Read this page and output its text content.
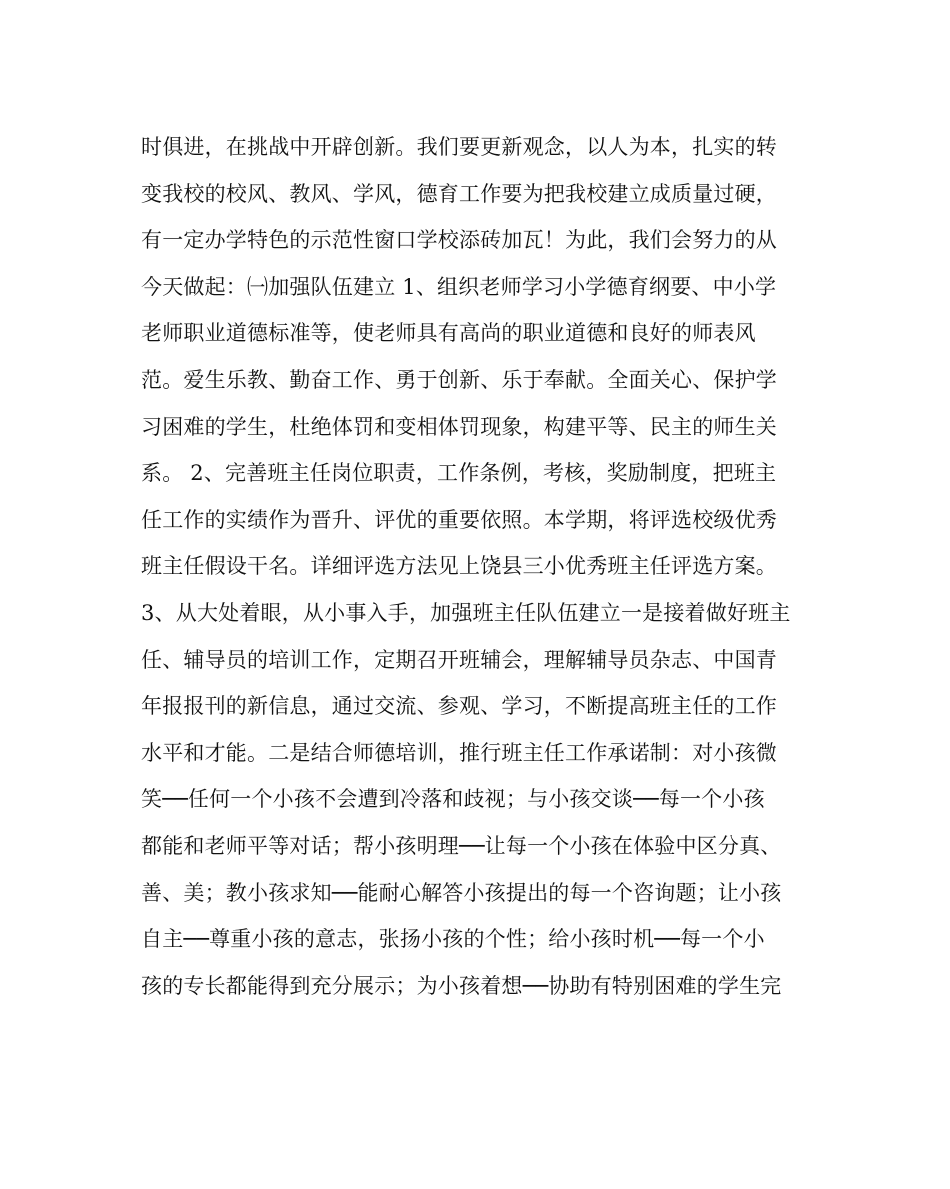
时俱进，在挑战中开辟创新。我们要更新观念，以人为本，扎实的转
变我校的校风、教风、学风，德育工作要为把我校建立成质量过硬，
有一定办学特色的示范性窗口学校添砖加瓦！为此，我们会努力的从
今天做起：㈠加强队伍建立 1、组织老师学习小学德育纲要、中小学
老师职业道德标准等，使老师具有高尚的职业道德和良好的师表风
范。爱生乐教、勤奋工作、勇于创新、乐于奉献。全面关心、保护学
习困难的学生，杜绝体罚和变相体罚现象，构建平等、民主的师生关
系。 2、完善班主任岗位职责，工作条例，考核，奖励制度，把班主
任工作的实绩作为晋升、评优的重要依照。本学期，将评选校级优秀
班主任假设干名。详细评选方法见上饶县三小优秀班主任评选方案。
3、从大处着眼，从小事入手，加强班主任队伍建立一是接着做好班主
任、辅导员的培训工作，定期召开班辅会，理解辅导员杂志、中国青
年报报刊的新信息，通过交流、参观、学习，不断提高班主任的工作
水平和才能。二是结合师德培训，推行班主任工作承诺制：对小孩微
笑──任何一个小孩不会遭到冷落和歧视；与小孩交谈──每一个小孩
都能和老师平等对话；帮小孩明理──让每一个小孩在体验中区分真、
善、美；教小孩求知──能耐心解答小孩提出的每一个咨询题；让小孩
自主──尊重小孩的意志，张扬小孩的个性；给小孩时机──每一个小
孩的专长都能得到充分展示；为小孩着想──协助有特别困难的学生完
